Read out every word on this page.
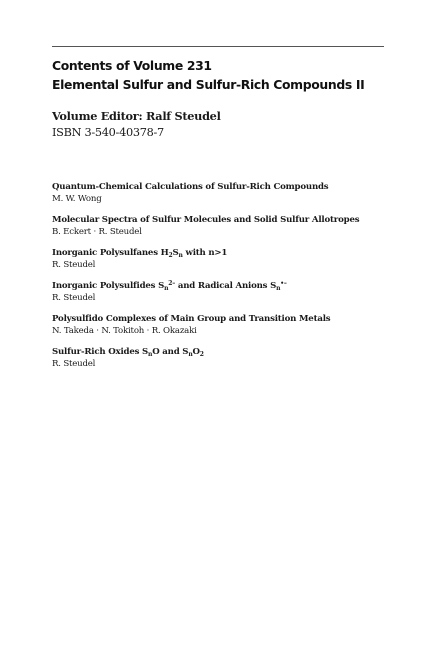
Contents of Volume 231
Elemental Sulfur and Sulfur-Rich Compounds II
Volume Editor: Ralf Steudel
ISBN 3-540-40378-7
Quantum-Chemical Calculations of Sulfur-Rich Compounds
M. W. Wong
Molecular Spectra of Sulfur Molecules and Solid Sulfur Allotropes
B. Eckert · R. Steudel
Inorganic Polysulfanes $H_2S_n$ with n>1
R. Steudel
Inorganic Polysulfides $S_n^{2-}$ and Radical Anions $S_n^{•-}$
R. Steudel
Polysulfido Complexes of Main Group and Transition Metals
N. Takeda · N. Tokitoh · R. Okazaki
Sulfur-Rich Oxides $S_nO$ and $S_nO_2$
R. Steudel
